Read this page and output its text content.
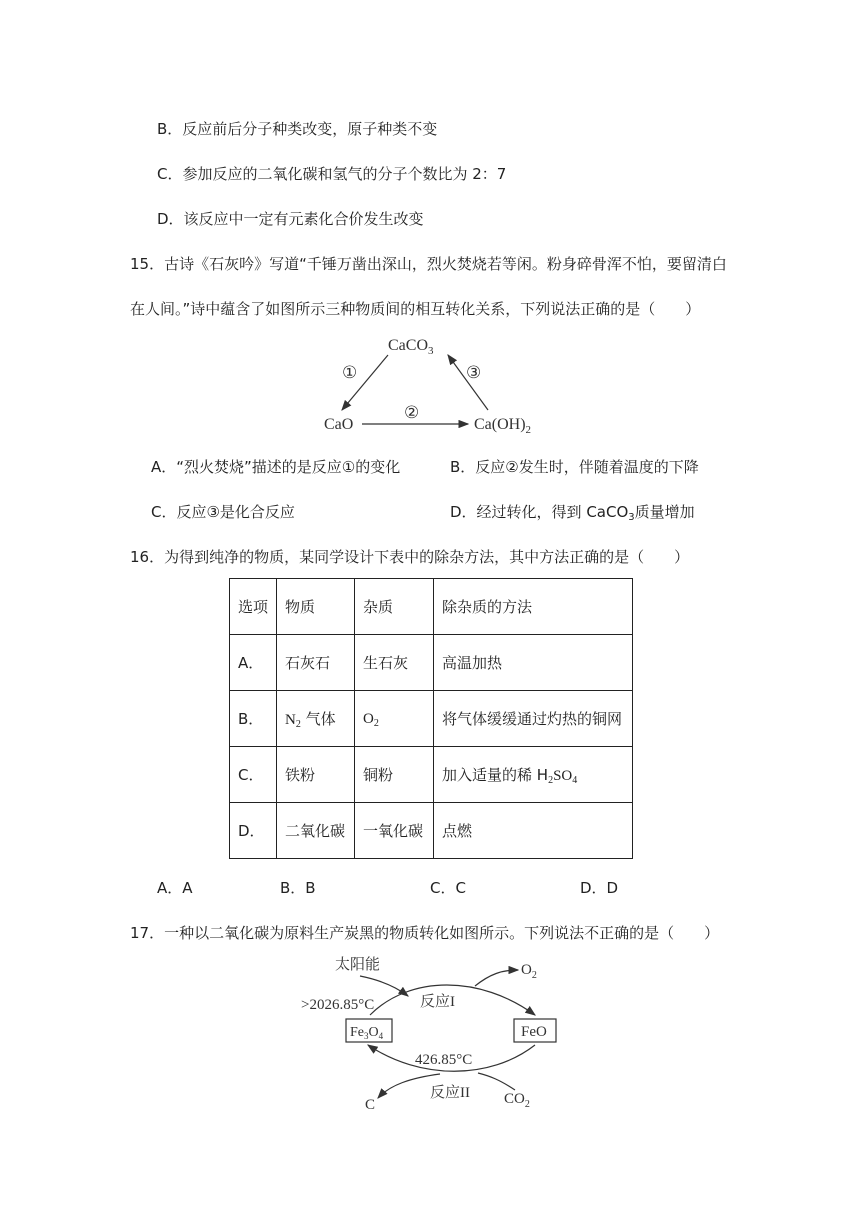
B．反应前后分子种类改变，原子种类不变
C．参加反应的二氧化碳和氢气的分子个数比为 2：7
D．该反应中一定有元素化合价发生改变
15．古诗《石灰吟》写道“千锤万凿出深山，烈火焚烧若等闲。粉身碎骨浑不怕，要留清白
在人间。”诗中蕴含了如图所示三种物质间的相互转化关系，下列说法正确的是（　　）
CaCO$_3$
CaO	$Ca(OH)_2$
①
②
③
A．“烈火焚烧”描述的是反应①的变化	B．反应②发生时，伴随着温度的下降
C．反应③是化合反应	D．经过转化，得到 CaCO$_3$质量增加
16．为得到纯净的物质，某同学设计下表中的除杂方法，其中方法正确的是（　　）
选项	物质	杂质	除杂质的方法
A．	石灰石	生石灰	高温加热
B．	$N_2$ 气体	$O_2$	将气体缓缓通过灼热的铜网
C．	铁粉	铜粉	加入适量的稀 $H_2SO_4$
D．	二氧化碳	一氧化碳	点燃
A．A	B．B	C．C	D．D
17．一种以二氧化碳为原料生产炭黑的物质转化如图所示。下列说法不正确的是（　　）
太阳能	$O_2$
>2026.85°C	反应I
$Fe_3O_4$	FeO
426.85°C
C
反应II $CO_2$
